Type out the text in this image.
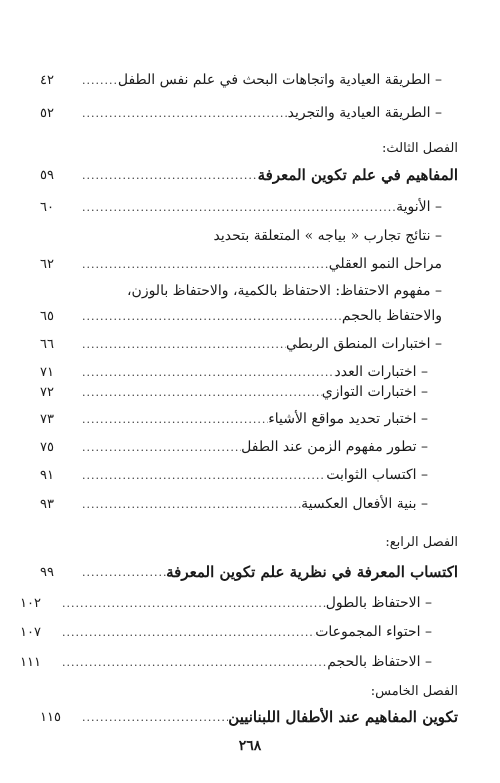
– الطريقة العيادية واتجاهات البحث في علم نفس الطفل
.....
٤٢
– الطريقة العيادية والتجريد
.....
٥٢
الفصل الثالث:
المفاهيم في علم تكوين المعرفة
.....
٥٩
– الأنوية
.....
٦٠
– نتائج تجارب « بياجه » المتعلقة بتحديد
مراحل النمو العقلي
.....
٦٢
– مفهوم الاحتفاظ: الاحتفاظ بالكمية، والاحتفاظ بالوزن،
والاحتفاظ بالحجم
.....
٦٥
– اختبارات المنطق الربطي
.....
٦٦
– اختبارات العدد
.....
٧١
– اختبارات التوازي
.....
٧٢
– اختبار تحديد مواقع الأشياء
.....
٧٣
– تطور مفهوم الزمن عند الطفل
.....
٧٥
– اكتساب الثوابت
.....
٩١
– بنية الأفعال العكسية
.....
٩٣
الفصل الرابع:
اكتساب المعرفة في نظرية علم تكوين المعرفة
.....
٩٩
– الاحتفاظ بالطول
.....
١٠٢
– احتواء المجموعات
.....
١٠٧
– الاحتفاظ بالحجم
.....
١١١
الفصل الخامس:
تكوين المفاهيم عند الأطفال اللبنانيين
.....
١١٥
٢٦٨
